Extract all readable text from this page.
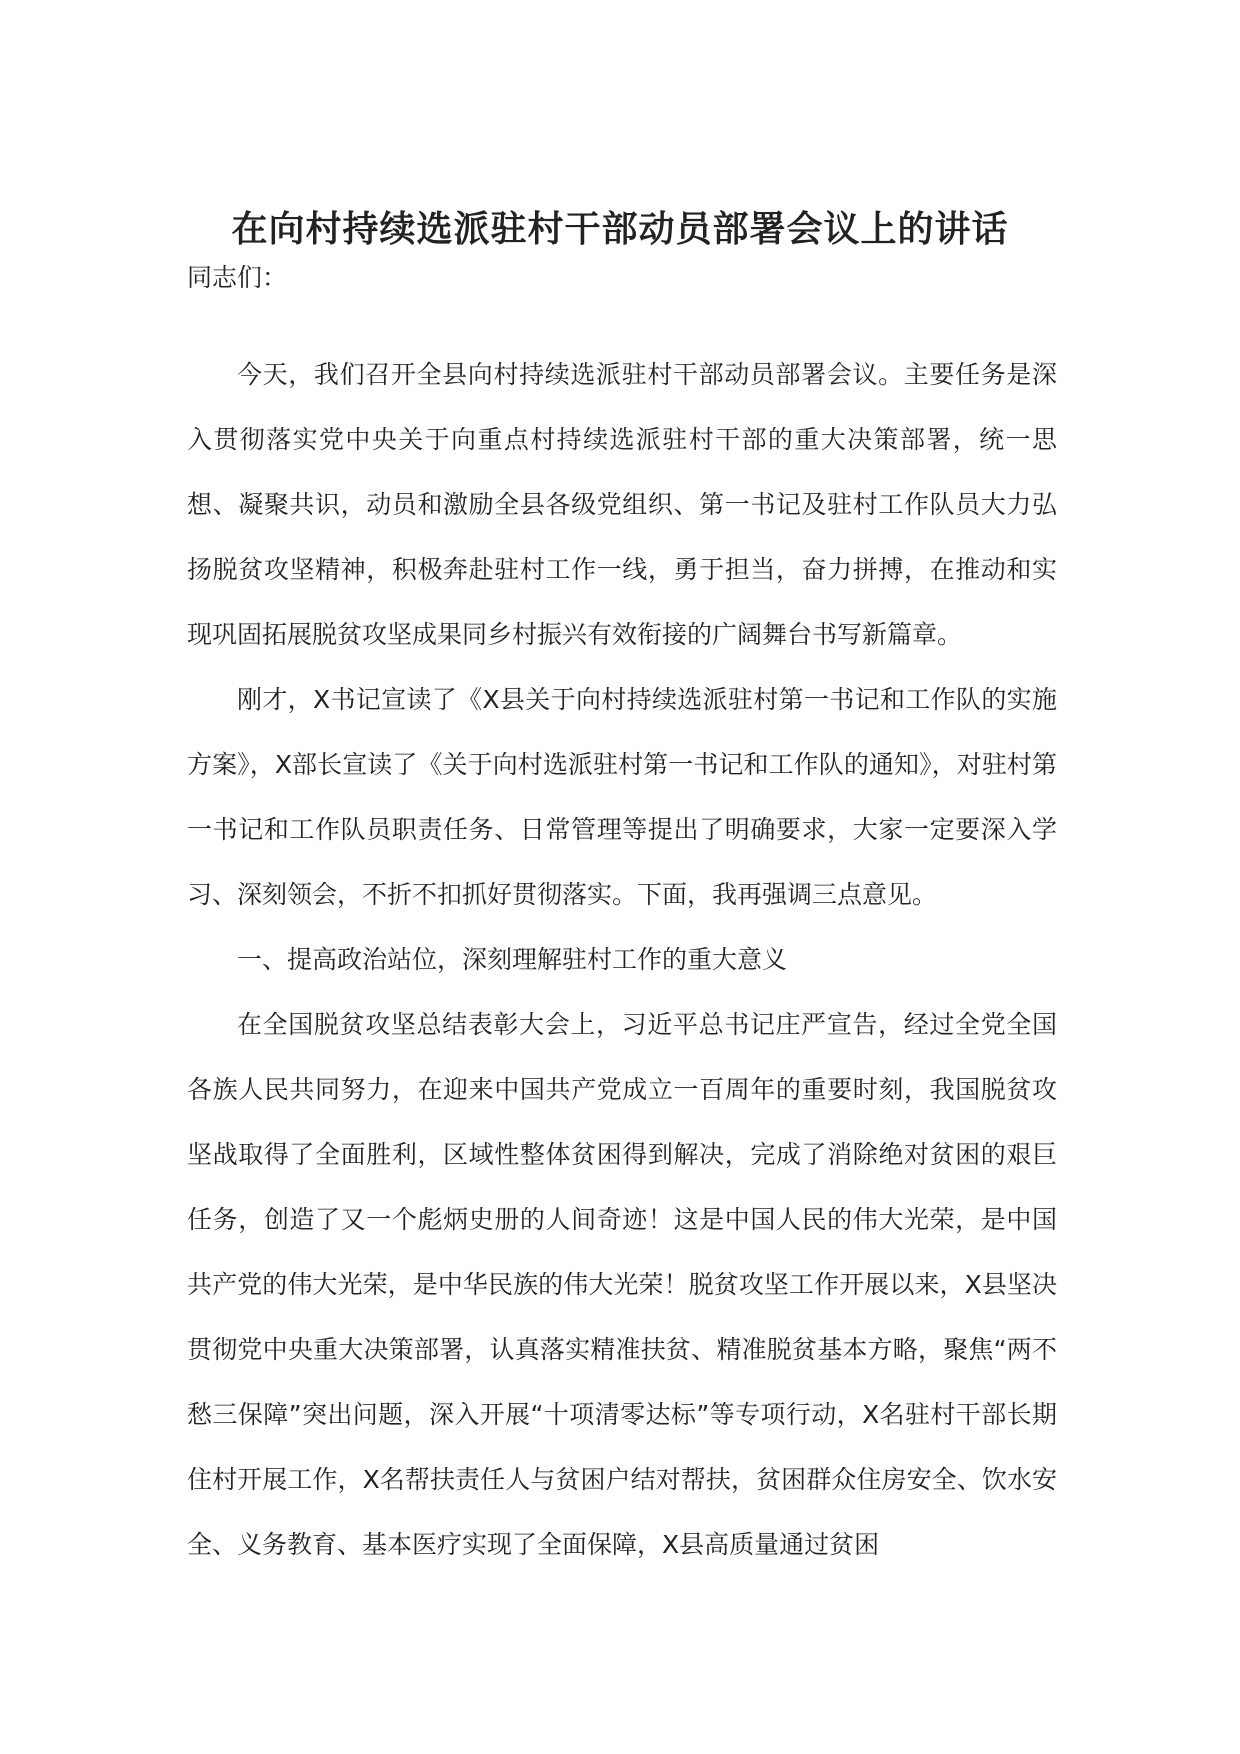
在向村持续选派驻村干部动员部署会议上的讲话
同志们：

今天，我们召开全县向村持续选派驻村干部动员部署会议。主要任务是深入贯彻落实党中央关于向重点村持续选派驻村干部的重大决策部署，统一思想、凝聚共识，动员和激励全县各级党组织、第一书记及驻村工作队员大力弘扬脱贫攻坚精神，积极奔赴驻村工作一线，勇于担当，奋力拼搏，在推动和实现巩固拓展脱贫攻坚成果同乡村振兴有效衔接的广阔舞台书写新篇章。

刚才，X书记宣读了《X县关于向村持续选派驻村第一书记和工作队的实施方案》，X部长宣读了《关于向村选派驻村第一书记和工作队的通知》，对驻村第一书记和工作队员职责任务、日常管理等提出了明确要求，大家一定要深入学习、深刻领会，不折不扣抓好贯彻落实。下面，我再强调三点意见。

一、提高政治站位，深刻理解驻村工作的重大意义

在全国脱贫攻坚总结表彰大会上，习近平总书记庄严宣告，经过全党全国各族人民共同努力，在迎来中国共产党成立一百周年的重要时刻，我国脱贫攻坚战取得了全面胜利，区域性整体贫困得到解决，完成了消除绝对贫困的艰巨任务，创造了又一个彪炳史册的人间奇迹！这是中国人民的伟大光荣，是中国共产党的伟大光荣，是中华民族的伟大光荣！脱贫攻坚工作开展以来，X县坚决贯彻党中央重大决策部署，认真落实精准扶贫、精准脱贫基本方略，聚焦“两不愁三保障”突出问题，深入开展“十项清零达标”等专项行动，X名驻村干部长期住村开展工作，X名帮扶责任人与贫困户结对帮扶，贫困群众住房安全、饮水安全、义务教育、基本医疗实现了全面保障，X县高质量通过贫困
